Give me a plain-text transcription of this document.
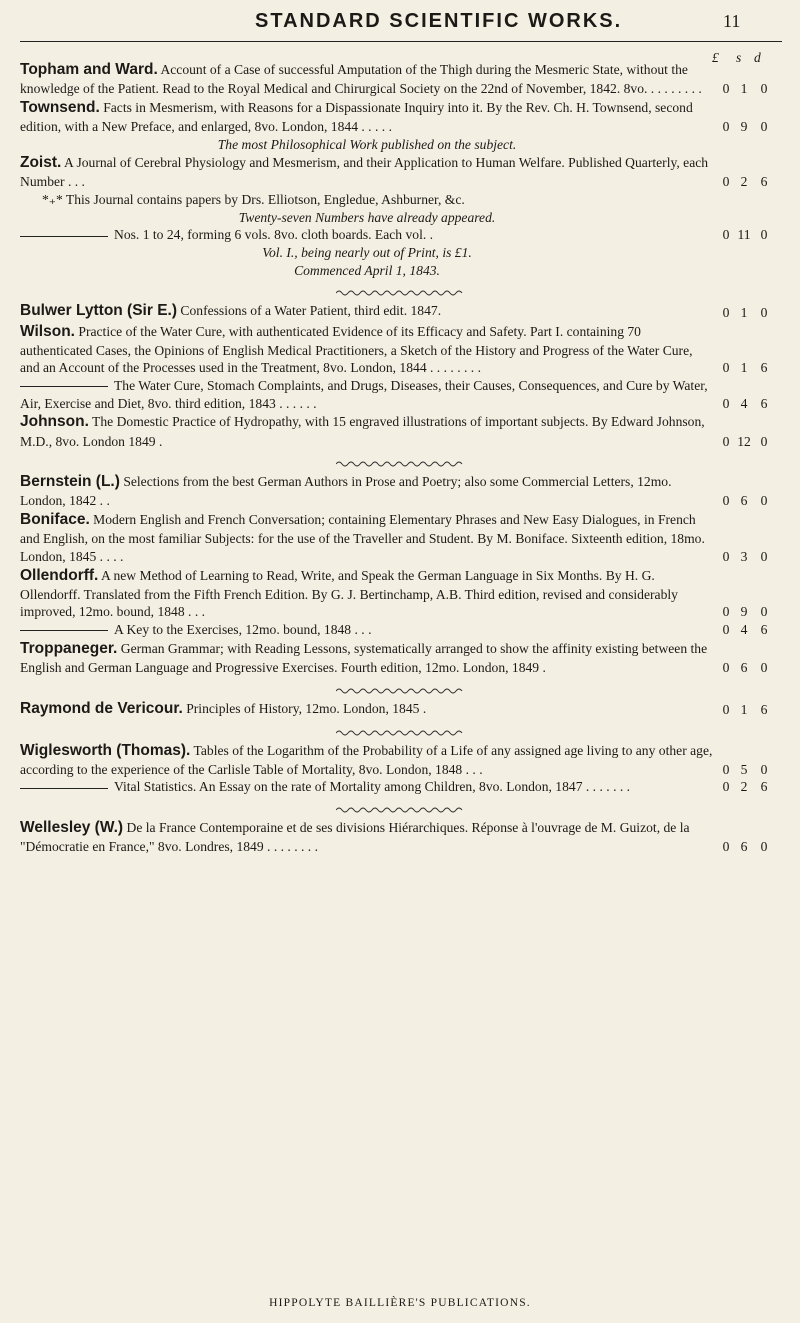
STANDARD SCIENTIFIC WORKS.	11
£ s d
Topham and Ward. Account of a Case of successful Amputation of the Thigh during the Mesmeric State, without the knowledge of the Patient. Read to the Royal Medical and Chirurgical Society on the 22nd of November, 1842. 8vo. . . . . . . . .	0 1 0
Townsend. Facts in Mesmerism, with Reasons for a Dispassionate Inquiry into it. By the Rev. Ch. H. Townsend, second edition, with a New Preface, and enlarged, 8vo. London, 1844 . . . . .	0 9 0
The most Philosophical Work published on the subject.
Zoist. A Journal of Cerebral Physiology and Mesmerism, and their Application to Human Welfare. Published Quarterly, each Number . . .	0 2 6
*₊* This Journal contains papers by Drs. Elliotson, Engledue, Ashburner, &c.
Twenty-seven Numbers have already appeared.
Nos. 1 to 24, forming 6 vols. 8vo. cloth boards. Each vol. .	0 11 0
Vol. I., being nearly out of Print, is £1.
Commenced April 1, 1843.
Bulwer Lytton (Sir E.) Confessions of a Water Patient, third edit. 1847.	0 1 0
Wilson. Practice of the Water Cure, with authenticated Evidence of its Efficacy and Safety. Part I. containing 70 authenticated Cases, the Opinions of English Medical Practitioners, a Sketch of the History and Progress of the Water Cure, and an Account of the Processes used in the Treatment, 8vo. London, 1844 . . . . . . . .	0 1 6
The Water Cure, Stomach Complaints, and Drugs, Diseases, their Causes, Consequences, and Cure by Water, Air, Exercise and Diet, 8vo. third edition, 1843 . . . . . .	0 4 6
Johnson. The Domestic Practice of Hydropathy, with 15 engraved illustrations of important subjects. By Edward Johnson, M.D., 8vo. London 1849 .	0 12 0
Bernstein (L.) Selections from the best German Authors in Prose and Poetry; also some Commercial Letters, 12mo. London, 1842 . .	0 6 0
Boniface. Modern English and French Conversation; containing Elementary Phrases and New Easy Dialogues, in French and English, on the most familiar Subjects: for the use of the Traveller and Student. By M. Boniface. Sixteenth edition, 18mo. London, 1845 . . . .	0 3 0
Ollendorff. A new Method of Learning to Read, Write, and Speak the German Language in Six Months. By H. G. Ollendorff. Translated from the Fifth French Edition. By G. J. Bertinchamp, A.B. Third edition, revised and considerably improved, 12mo. bound, 1848 . . .	0 9 0
A Key to the Exercises, 12mo. bound, 1848 . . .	0 4 6
Troppaneger. German Grammar; with Reading Lessons, systematically arranged to show the affinity existing between the English and German Language and Progressive Exercises. Fourth edition, 12mo. London, 1849 .	0 6 0
Raymond de Vericour. Principles of History, 12mo. London, 1845 .	0 1 6
Wiglesworth (Thomas). Tables of the Logarithm of the Probability of a Life of any assigned age living to any other age, according to the experience of the Carlisle Table of Mortality, 8vo. London, 1848 . . .	0 5 0
Vital Statistics. An Essay on the rate of Mortality among Children, 8vo. London, 1847 . . . . . . .	0 2 6
Wellesley (W.) De la France Contemporaine et de ses divisions Hiérarchiques. Réponse à l'ouvrage de M. Guizot, de la "Démocratie en France," 8vo. Londres, 1849 . . . . . . . .	0 6 0
HIPPOLYTE BAILLIÈRE'S PUBLICATIONS.
